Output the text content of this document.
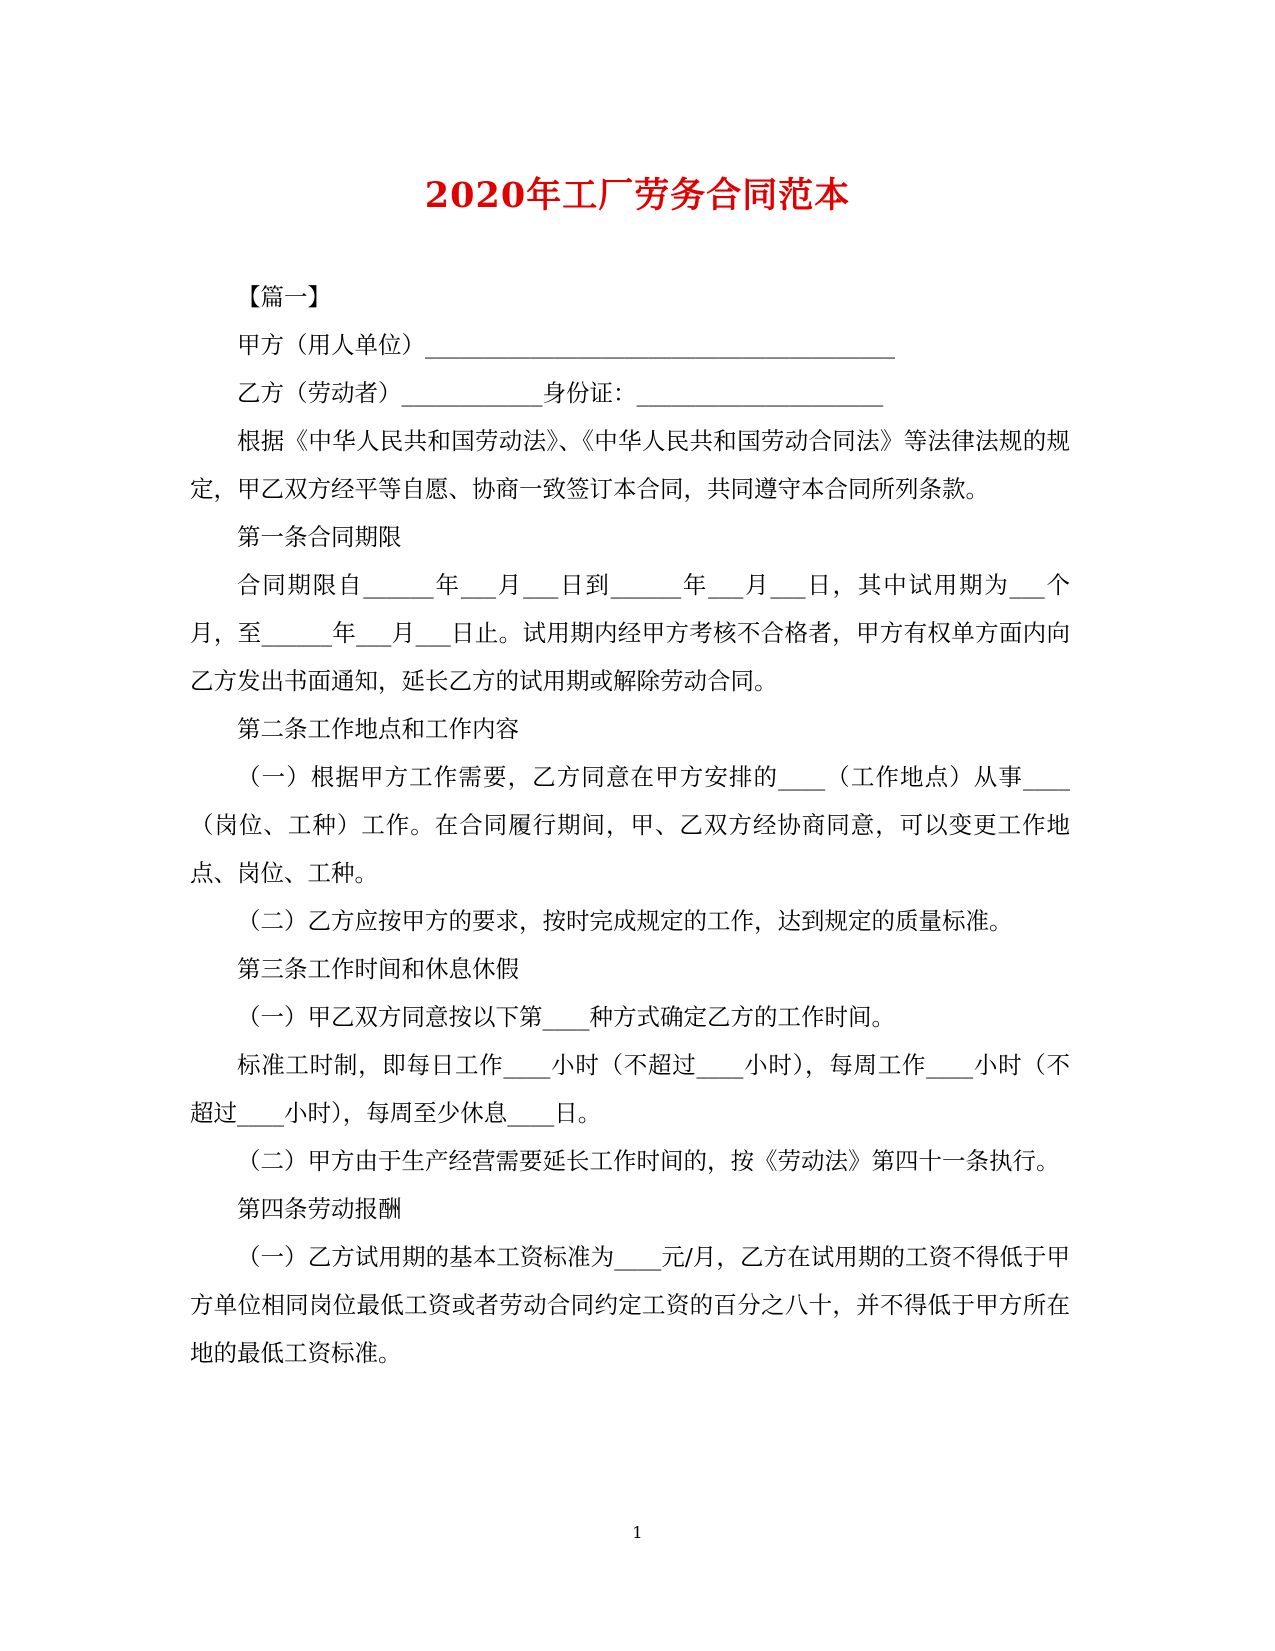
2020年工厂劳务合同范本

【篇一】

甲方（用人单位）________________________________________

乙方（劳动者）____________身份证：_____________________

根据《中华人民共和国劳动法》、《中华人民共和国劳动合同法》等法律法规的规定，甲乙双方经平等自愿、协商一致签订本合同，共同遵守本合同所列条款。

第一条合同期限

合同期限自______年___月___日到______年___月___日，其中试用期为___个月，至______年___月___日止。试用期内经甲方考核不合格者，甲方有权单方面内向乙方发出书面通知，延长乙方的试用期或解除劳动合同。

第二条工作地点和工作内容

（一）根据甲方工作需要，乙方同意在甲方安排的____（工作地点）从事____（岗位、工种）工作。在合同履行期间，甲、乙双方经协商同意，可以变更工作地点、岗位、工种。

（二）乙方应按甲方的要求，按时完成规定的工作，达到规定的质量标准。

第三条工作时间和休息休假

（一）甲乙双方同意按以下第____种方式确定乙方的工作时间。

标准工时制，即每日工作____小时（不超过____小时），每周工作____小时（不超过____小时），每周至少休息____日。

（二）甲方由于生产经营需要延长工作时间的，按《劳动法》第四十一条执行。

第四条劳动报酬

（一）乙方试用期的基本工资标准为____元/月，乙方在试用期的工资不得低于甲方单位相同岗位最低工资或者劳动合同约定工资的百分之八十，并不得低于甲方所在地的最低工资标准。

1
